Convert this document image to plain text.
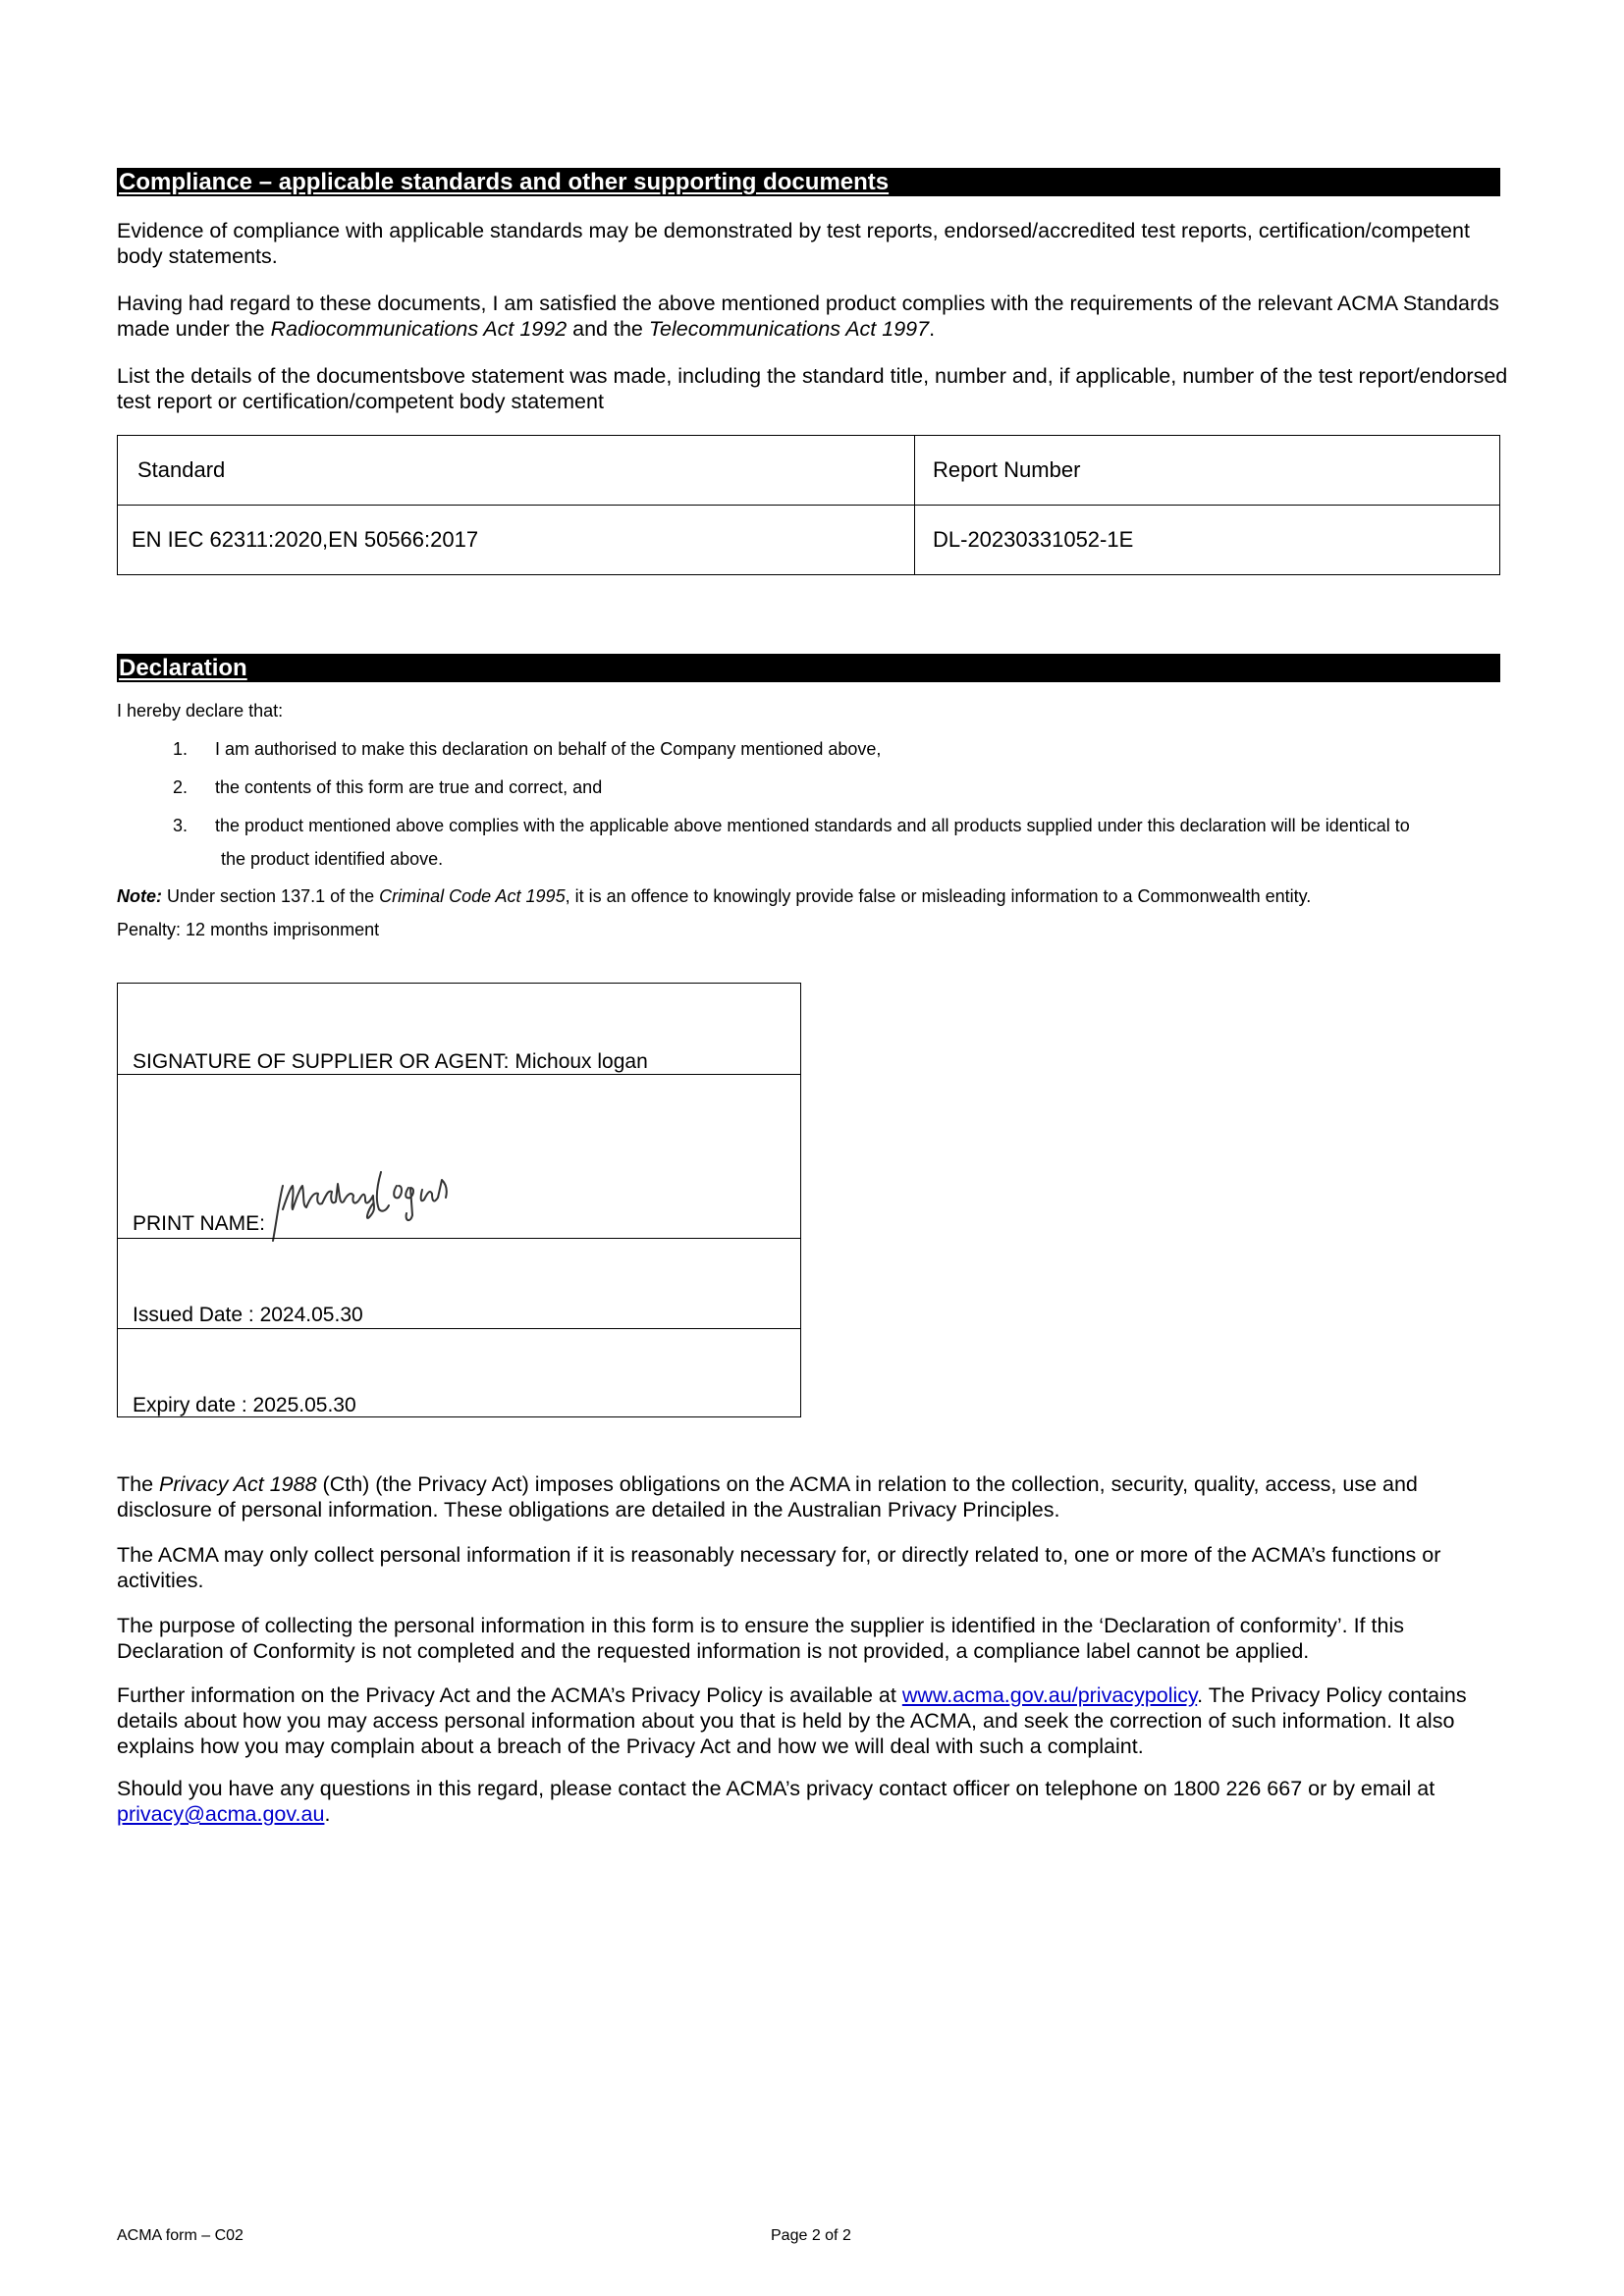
Compliance – applicable standards and other supporting documents

Evidence of compliance with applicable standards may be demonstrated by test reports, endorsed/accredited test reports, certification/competent body statements.

Having had regard to these documents, I am satisfied the above mentioned product complies with the requirements of the relevant ACMA Standards made under the Radiocommunications Act 1992 and the Telecommunications Act 1997.

List the details of the documentsbove statement was made, including the standard title, number and, if applicable, number of the test report/endorsed test report or certification/competent body statement

Standard	Report Number
EN IEC 62311:2020,EN 50566:2017	DL-20230331052-1E
Declaration

I hereby declare that:

1. I am authorised to make this declaration on behalf of the Company mentioned above,
2. the contents of this form are true and correct, and
3. the product mentioned above complies with the applicable above mentioned standards and all products supplied under this declaration will be identical to
the product identified above.

Note: Under section 137.1 of the Criminal Code Act 1995, it is an offence to knowingly provide false or misleading information to a Commonwealth entity.

Penalty: 12 months imprisonment

SIGNATURE OF SUPPLIER OR AGENT: Michoux logan
PRINT NAME:
Issued Date : 2024.05.30
Expiry date : 2025.05.30

The Privacy Act 1988 (Cth) (the Privacy Act) imposes obligations on the ACMA in relation to the collection, security, quality, access, use and disclosure of personal information. These obligations are detailed in the Australian Privacy Principles.

The ACMA may only collect personal information if it is reasonably necessary for, or directly related to, one or more of the ACMA’s functions or activities.

The purpose of collecting the personal information in this form is to ensure the supplier is identified in the ‘Declaration of conformity’. If this Declaration of Conformity is not completed and the requested information is not provided, a compliance label cannot be applied.

Further information on the Privacy Act and the ACMA’s Privacy Policy is available at www.acma.gov.au/privacypolicy. The Privacy Policy contains details about how you may access personal information about you that is held by the ACMA, and seek the correction of such information. It also explains how you may complain about a breach of the Privacy Act and how we will deal with such a complaint.

Should you have any questions in this regard, please contact the ACMA’s privacy contact officer on telephone on 1800 226 667 or by email at privacy@acma.gov.au.

ACMA form – C02	Page 2 of 2
